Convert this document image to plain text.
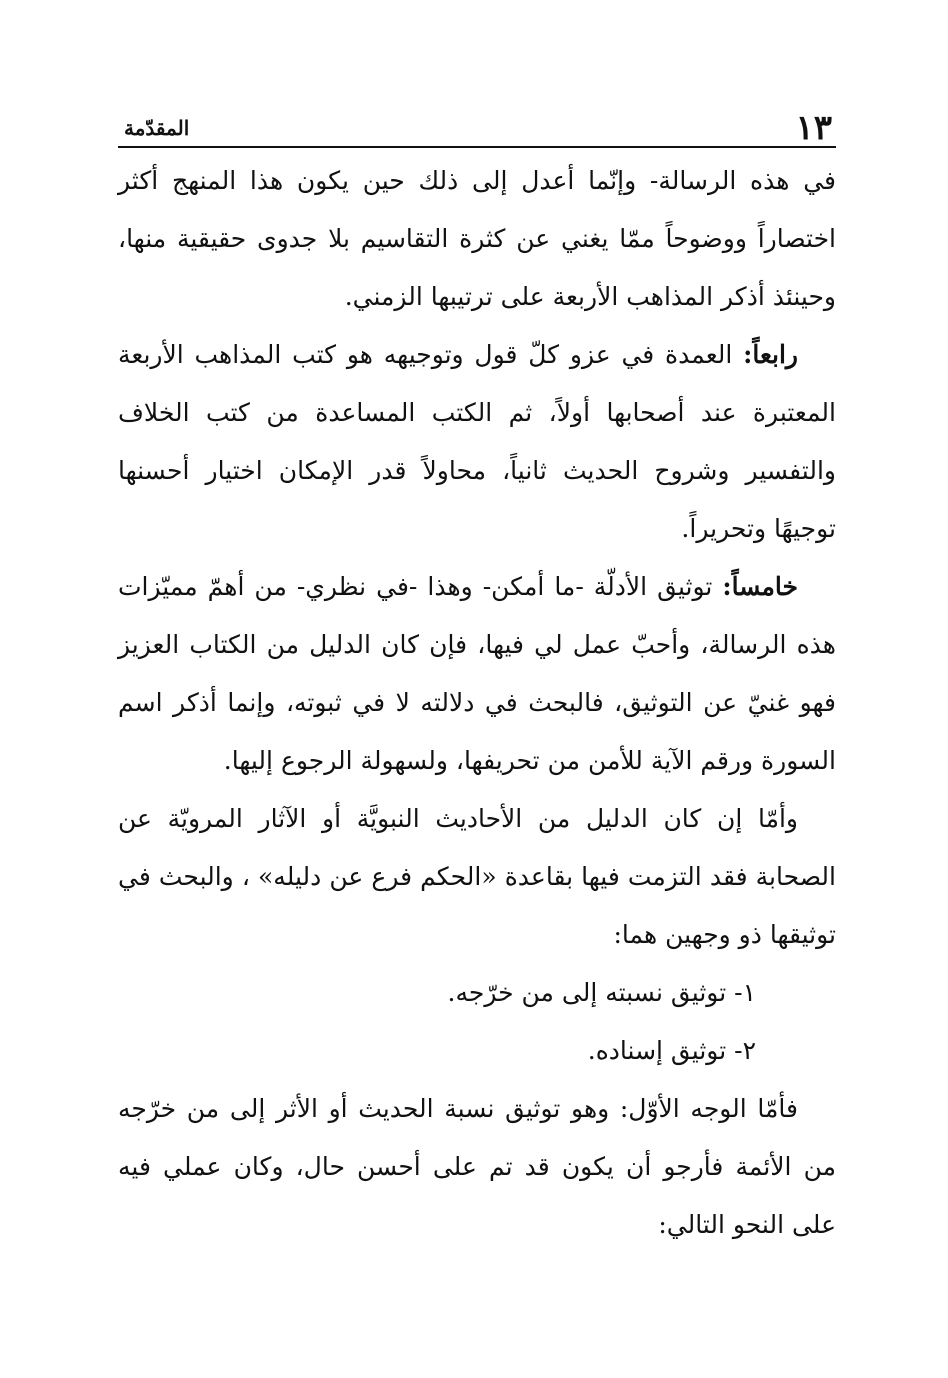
١٣
المقدّمة

في هذه الرسالة- وإنّما أعدل إلى ذلك حين يكون هذا المنهج أكثر اختصاراً ووضوحاً ممّا يغني عن كثرة التقاسيم بلا جدوى حقيقية منها، وحينئذ أذكر المذاهب الأربعة على ترتيبها الزمني.

رابعاً: العمدة في عزو كلّ قول وتوجيهه هو كتب المذاهب الأربعة المعتبرة عند أصحابها أولاً، ثم الكتب المساعدة من كتب الخلاف والتفسير وشروح الحديث ثانياً، محاولاً قدر الإمكان اختيار أحسنها توجيهًا وتحريراً.

خامساً: توثيق الأدلّة -ما أمكن- وهذا -في نظري- من أهمّ مميّزات هذه الرسالة، وأحبّ عمل لي فيها، فإن كان الدليل من الكتاب العزيز فهو غنيّ عن التوثيق، فالبحث في دلالته لا في ثبوته، وإنما أذكر اسم السورة ورقم الآية للأمن من تحريفها، ولسهولة الرجوع إليها.

وأمّا إن كان الدليل من الأحاديث النبويَّة أو الآثار المرويّة عن الصحابة فقد التزمت فيها بقاعدة «الحكم فرع عن دليله» ، والبحث في توثيقها ذو وجهين هما:

١- توثيق نسبته إلى من خرّجه.

٢- توثيق إسناده.

فأمّا الوجه الأوّل: وهو توثيق نسبة الحديث أو الأثر إلى من خرّجه من الأئمة فأرجو أن يكون قد تم على أحسن حال، وكان عملي فيه على النحو التالي:
